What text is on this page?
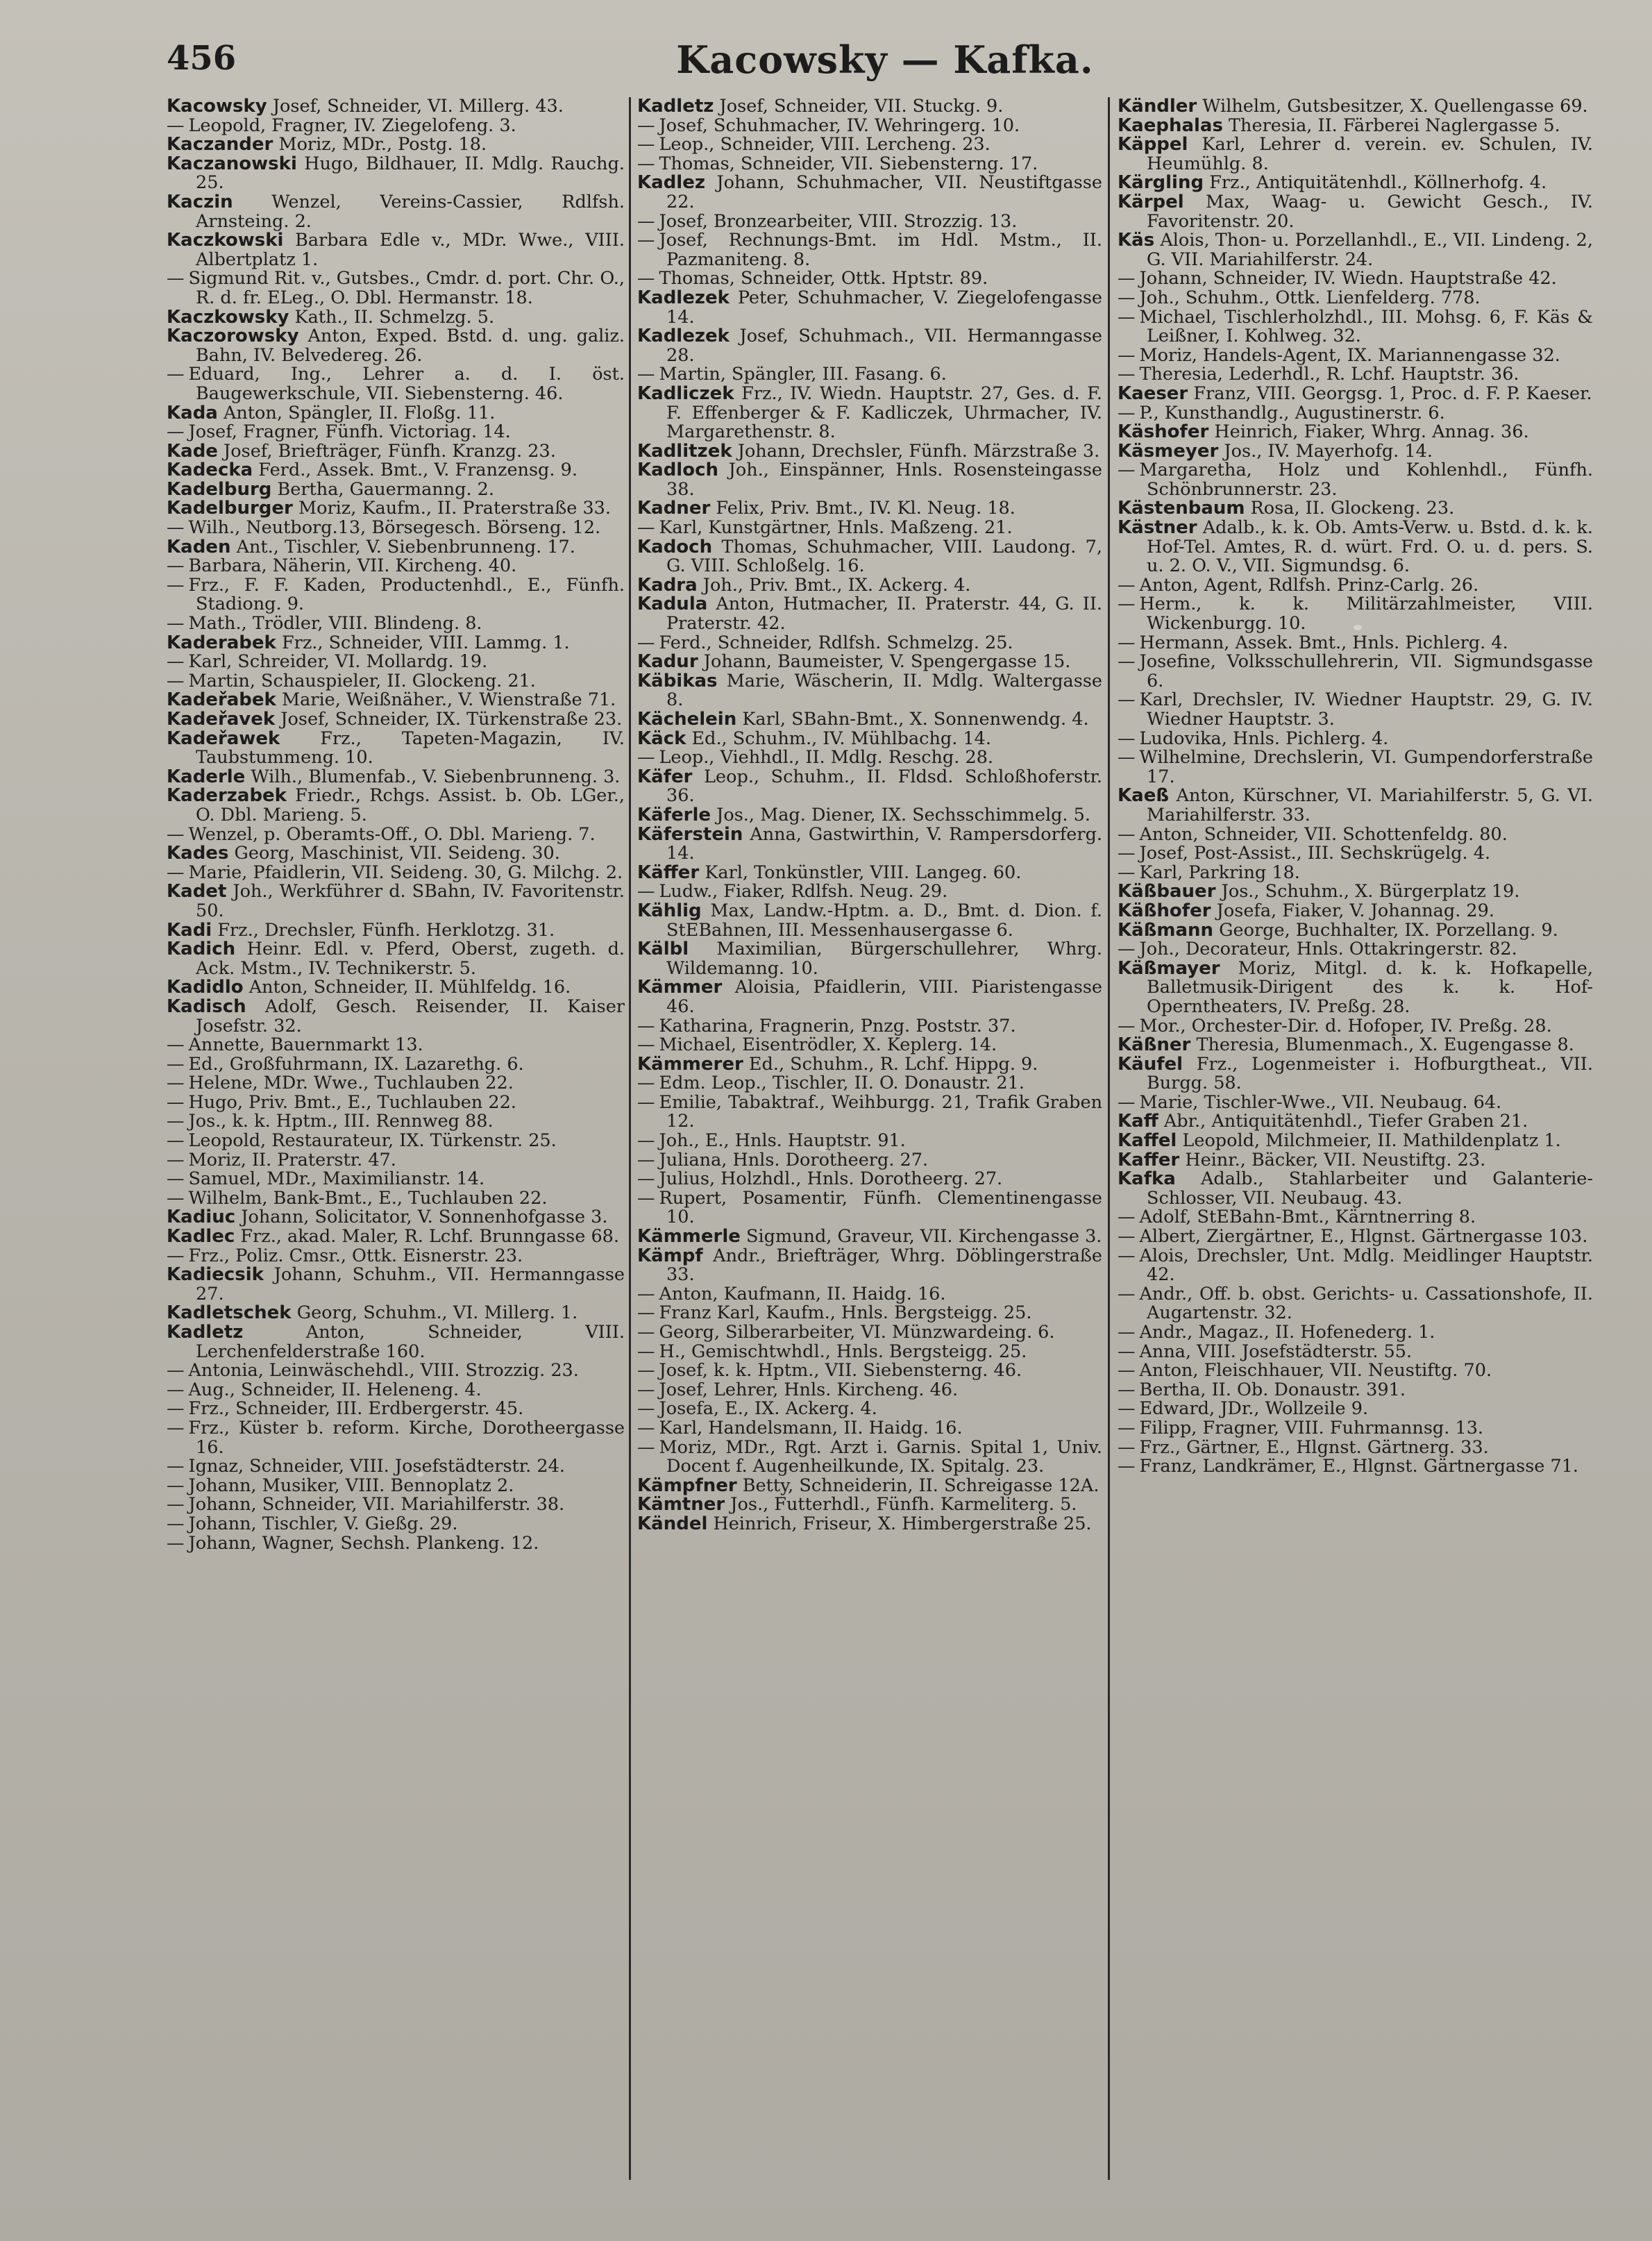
456	Kacowsky — Kafka.

Kacowsky Josef, Schneider, VI. Millerg. 43.

— Leopold, Fragner, IV. Ziegelofeng. 3.

Kaczander Moriz, MDr., Postg. 18.

Kaczanowski Hugo, Bildhauer, II. Mdlg. Rauchg. 25.

Kaczin Wenzel, Vereins-Cassier, Rdlfsh. Arnsteing. 2.

Kaczkowski Barbara Edle v., MDr. Wwe., VIII. Albertplatz 1.

— Sigmund Rit. v., Gutsbes., Cmdr. d. port. Chr. O., R. d. fr. ELeg., O. Dbl. Hermanstr. 18.

Kaczkowsky Kath., II. Schmelzg. 5.

Kaczorowsky Anton, Exped. Bstd. d. ung. galiz. Bahn, IV. Belvedereg. 26.

— Eduard, Ing., Lehrer a. d. I. öst. Baugewerkschule, VII. Siebensterng. 46.

Kada Anton, Spängler, II. Floßg. 11.

— Josef, Fragner, Fünfh. Victoriag. 14.

Kade Josef, Briefträger, Fünfh. Kranzg. 23.

Kadecka Ferd., Assek. Bmt., V. Franzensg. 9.

Kadelburg Bertha, Gauermanng. 2.

Kadelburger Moriz, Kaufm., II. Praterstraße 33.

— Wilh., Neutborg.13, Börsegesch. Börseng. 12.

Kaden Ant., Tischler, V. Siebenbrunneng. 17.

— Barbara, Näherin, VII. Kircheng. 40.

— Frz., F. F. Kaden, Productenhdl., E., Fünfh. Stadiong. 9.

— Math., Trödler, VIII. Blindeng. 8.

Kaderabek Frz., Schneider, VIII. Lammg. 1.

— Karl, Schreider, VI. Mollardg. 19.

— Martin, Schauspieler, II. Glockeng. 21.

Kadeřabek Marie, Weißnäher., V. Wienstraße 71.

Kadeřavek Josef, Schneider, IX. Türkenstraße 23.

Kadeřawek Frz., Tapeten-Magazin, IV. Taubstummeng. 10.

Kaderle Wilh., Blumenfab., V. Siebenbrunneng. 3.

Kaderzabek Friedr., Rchgs. Assist. b. Ob. LGer., O. Dbl. Marieng. 5.

— Wenzel, p. Oberamts-Off., O. Dbl. Marieng. 7.

Kades Georg, Maschinist, VII. Seideng. 30.

— Marie, Pfaidlerin, VII. Seideng. 30, G. Milchg. 2.

Kadet Joh., Werkführer d. SBahn, IV. Favoritenstr. 50.

Kadi Frz., Drechsler, Fünfh. Herklotzg. 31.

Kadich Heinr. Edl. v. Pferd, Oberst, zugeth. d. Ack. Mstm., IV. Technikerstr. 5.

Kadidlo Anton, Schneider, II. Mühlfeldg. 16.

Kadisch Adolf, Gesch. Reisender, II. Kaiser Josefstr. 32.

— Annette, Bauernmarkt 13.

— Ed., Großfuhrmann, IX. Lazarethg. 6.

— Helene, MDr. Wwe., Tuchlauben 22.

— Hugo, Priv. Bmt., E., Tuchlauben 22.

— Jos., k. k. Hptm., III. Rennweg 88.

— Leopold, Restaurateur, IX. Türkenstr. 25.

— Moriz, II. Praterstr. 47.

— Samuel, MDr., Maximilianstr. 14.

— Wilhelm, Bank-Bmt., E., Tuchlauben 22.

Kadiuc Johann, Solicitator, V. Sonnenhofgasse 3.

Kadlec Frz., akad. Maler, R. Lchf. Brunngasse 68.

— Frz., Poliz. Cmsr., Ottk. Eisnerstr. 23.

Kadiecsik Johann, Schuhm., VII. Hermanngasse 27.

Kadletschek Georg, Schuhm., VI. Millerg. 1.

Kadletz	Anton, Schneider, VIII. Lerchenfelderstraße 160.

— Antonia, Leinwäschehdl., VIII. Strozzig. 23.

— Aug., Schneider, II. Heleneng. 4.

— Frz., Schneider, III. Erdbergerstr. 45.

— Frz., Küster b. reform. Kirche, Dorotheergasse 16.

— Ignaz, Schneider, VIII. Josefstädterstr. 24.

— Johann, Musiker, VIII. Bennoplatz 2.

— Johann, Schneider, VII. Mariahilferstr. 38.

— Johann, Tischler, V. Gießg. 29.

— Johann, Wagner, Sechsh. Plankeng. 12.

Kadletz Josef, Schneider, VII. Stuckg. 9.

— Josef, Schuhmacher, IV. Wehringerg. 10.

— Leop., Schneider, VIII. Lercheng. 23.

— Thomas, Schneider, VII. Siebensterng. 17.

Kadlez Johann, Schuhmacher, VII. Neustiftgasse 22.

— Josef, Bronzearbeiter, VIII. Strozzig. 13.

— Josef, Rechnungs-Bmt. im Hdl. Mstm., II. Pazmaniteng. 8.

— Thomas, Schneider, Ottk. Hptstr. 89.

Kadlezek Peter, Schuhmacher, V. Ziegelofengasse 14.

Kadlezek Josef, Schuhmach., VII. Hermanngasse 28.

— Martin, Spängler, III. Fasang. 6.

Kadliczek Frz., IV. Wiedn. Hauptstr. 27, Ges. d. F. F. Effenberger & F. Kadliczek, Uhrmacher, IV. Margarethenstr. 8.

Kadlitzek Johann, Drechsler, Fünfh. Märzstraße 3.

Kadloch Joh., Einspänner, Hnls. Rosensteingasse 38.

Kadner Felix, Priv. Bmt., IV. Kl. Neug. 18.

— Karl, Kunstgärtner, Hnls. Maßzeng. 21.

Kadoch Thomas, Schuhmacher, VIII. Laudong. 7, G. VIII. Schloßelg. 16.

Kadra Joh., Priv. Bmt., IX. Ackerg. 4.

Kadula Anton, Hutmacher, II. Praterstr. 44, G. II. Praterstr. 42.

— Ferd., Schneider, Rdlfsh. Schmelzg. 25.

Kadur Johann, Baumeister, V. Spengergasse 15.

Käbikas Marie, Wäscherin, II. Mdlg. Waltergasse 8.

Kächelein Karl, SBahn-Bmt., X. Sonnenwendg. 4.

Käck Ed., Schuhm., IV. Mühlbachg. 14.

— Leop., Viehhdl., II. Mdlg. Reschg. 28.

Käfer Leop., Schuhm., II. Fldsd. Schloßhoferstr. 36.

Käferle Jos., Mag. Diener, IX. Sechsschimmelg. 5.

Käferstein Anna, Gastwirthin, V. Rampersdorferg. 14.

Käffer Karl, Tonkünstler, VIII. Langeg. 60.

— Ludw., Fiaker, Rdlfsh. Neug. 29.

Kählig Max, Landw.-Hptm. a. D., Bmt. d. Dion. f. StEBahnen, III. Messenhausergasse 6.

Kälbl Maximilian, Bürgerschullehrer, Whrg. Wildemanng. 10.

Kämmer Aloisia, Pfaidlerin, VIII. Piaristengasse 46.

— Katharina, Fragnerin, Pnzg. Poststr. 37.

— Michael, Eisentrödler, X. Keplerg. 14.

Kämmerer Ed., Schuhm., R. Lchf. Hippg. 9.

— Edm. Leop., Tischler, II. O. Donaustr. 21.

— Emilie, Tabaktraf., Weihburgg. 21, Trafik Graben 12.

— Joh., E., Hnls. Hauptstr. 91.

— Juliana, Hnls. Dorotheerg. 27.

— Julius, Holzhdl., Hnls. Dorotheerg. 27.

— Rupert, Posamentir, Fünfh. Clementinengasse 10.

Kämmerle Sigmund, Graveur, VII. Kirchengasse 3.

Kämpf Andr., Briefträger, Whrg. Döblingerstraße 33.

— Anton, Kaufmann, II. Haidg. 16.

— Franz Karl, Kaufm., Hnls. Bergsteigg. 25.

— Georg, Silberarbeiter, VI. Münzwardeing. 6.

— H., Gemischtwhdl., Hnls. Bergsteigg. 25.

— Josef, k. k. Hptm., VII. Siebensterng. 46.

— Josef, Lehrer, Hnls. Kircheng. 46.

— Josefa, E., IX. Ackerg. 4.

— Karl, Handelsmann, II. Haidg. 16.

— Moriz, MDr., Rgt. Arzt i. Garnis. Spital 1, Univ. Docent f. Augenheilkunde, IX. Spitalg. 23.

Kämpfner Betty, Schneiderin, II. Schreigasse 12A.

Kämtner Jos., Futterhdl., Fünfh. Karmeliterg. 5.

Kändel Heinrich, Friseur, X. Himbergerstraße 25.

Kändler Wilhelm, Gutsbesitzer, X. Quellengasse 69.

Kaephalas Theresia, II. Färberei Naglergasse 5.

Käppel Karl, Lehrer d. verein. ev. Schulen, IV. Heumühlg. 8.

Kärgling Frz., Antiquitätenhdl., Köllnerhofg. 4.

Kärpel Max, Waag- u. Gewicht Gesch., IV. Favoritenstr. 20.

Käs Alois, Thon- u. Porzellanhdl., E., VII. Lindeng. 2, G. VII. Mariahilferstr. 24.

— Johann, Schneider, IV. Wiedn. Hauptstraße 42.

— Joh., Schuhm., Ottk. Lienfelderg. 778.

— Michael, Tischlerholzhdl., III. Mohsg. 6, F. Käs & Leißner, I. Kohlweg. 32.

— Moriz, Handels-Agent, IX. Mariannengasse 32.

— Theresia, Lederhdl., R. Lchf. Hauptstr. 36.

Kaeser Franz, VIII. Georgsg. 1, Proc. d. F. P. Kaeser.

— P., Kunsthandlg., Augustinerstr. 6.

Käshofer Heinrich, Fiaker, Whrg. Annag. 36.

Käsmeyer Jos., IV. Mayerhofg. 14.

— Margaretha, Holz und Kohlenhdl., Fünfh. Schönbrunnerstr. 23.

Kästenbaum Rosa, II. Glockeng. 23.

Kästner Adalb., k. k. Ob. Amts-Verw. u. Bstd. d. k. k. Hof-Tel. Amtes, R. d. würt. Frd. O. u. d. pers. S. u. 2. O. V., VII. Sigmundsg. 6.

— Anton, Agent, Rdlfsh. Prinz-Carlg. 26.

— Herm., k. k. Militärzahlmeister, VIII. Wickenburgg. 10.

— Hermann, Assek. Bmt., Hnls. Pichlerg. 4.

— Josefine, Volksschullehrerin, VII. Sigmundsgasse 6.

— Karl, Drechsler, IV. Wiedner Hauptstr. 29, G. IV. Wiedner Hauptstr. 3.

— Ludovika, Hnls. Pichlerg. 4.

— Wilhelmine, Drechslerin, VI. Gumpendorferstraße 17.

Kaeß Anton, Kürschner, VI. Mariahilferstr. 5, G. VI. Mariahilferstr. 33.

— Anton, Schneider, VII. Schottenfeldg. 80.

— Josef, Post-Assist., III. Sechskrügelg. 4.

— Karl, Parkring 18.

Käßbauer Jos., Schuhm., X. Bürgerplatz 19.

Käßhofer Josefa, Fiaker, V. Johannag. 29.

Käßmann George, Buchhalter, IX. Porzellang. 9.

— Joh., Decorateur, Hnls. Ottakringerstr. 82.

Käßmayer Moriz, Mitgl. d. k. k. Hofkapelle, Balletmusik-Dirigent des k. k. Hof-Operntheaters, IV. Preßg. 28.

— Mor., Orchester-Dir. d. Hofoper, IV. Preßg. 28.

Käßner Theresia, Blumenmach., X. Eugengasse 8.

Käufel Frz., Logenmeister i. Hofburgtheat., VII. Burgg. 58.

— Marie, Tischler-Wwe., VII. Neubaug. 64.

Kaff Abr., Antiquitätenhdl., Tiefer Graben 21.

Kaffel Leopold, Milchmeier, II. Mathildenplatz 1.

Kaffer Heinr., Bäcker, VII. Neustiftg. 23.

Kafka Adalb., Stahlarbeiter und Galanterie-Schlosser, VII. Neubaug. 43.

— Adolf, StEBahn-Bmt., Kärntnerring 8.

— Albert, Ziergärtner, E., Hlgnst. Gärtnergasse 103.

— Alois, Drechsler, Unt. Mdlg. Meidlinger Hauptstr. 42.

— Andr., Off. b. obst. Gerichts- u. Cassationshofe, II. Augartenstr. 32.

— Andr., Magaz., II. Hofenederg. 1.

— Anna, VIII. Josefstädterstr. 55.

— Anton, Fleischhauer, VII. Neustiftg. 70.

— Bertha, II. Ob. Donaustr. 391.

— Edward, JDr., Wollzeile 9.

— Filipp, Fragner, VIII. Fuhrmannsg. 13.

— Frz., Gärtner, E., Hlgnst. Gärtnerg. 33.

— Franz, Landkrämer, E., Hlgnst. Gärtnergasse 71.
